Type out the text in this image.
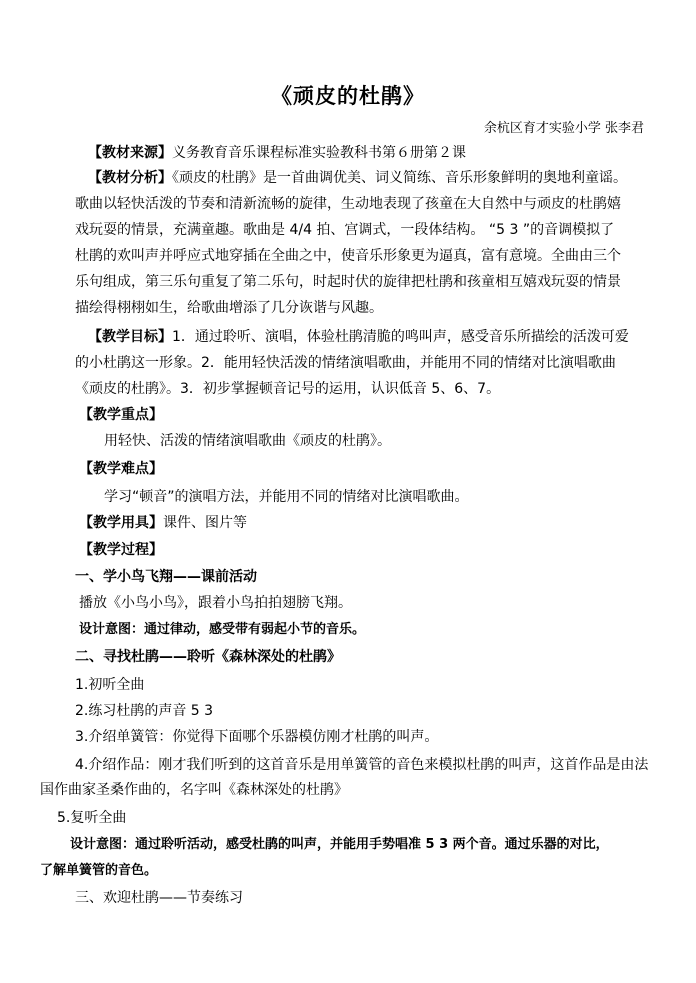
《顽皮的杜鹃》
余杭区育才实验小学 张李君
【教材来源】义务教育音乐课程标准实验教科书第６册第２课
【教材分析】《顽皮的杜鹃》是一首曲调优美、词义简练、音乐形象鲜明的奥地利童谣。
歌曲以轻快活泼的节奏和清新流畅的旋律，生动地表现了孩童在大自然中与顽皮的杜鹃嬉
戏玩耍的情景，充满童趣。歌曲是 4/4 拍、宫调式，一段体结构。 “5 3 ”的音调模拟了
杜鹃的欢叫声并呼应式地穿插在全曲之中，使音乐形象更为逼真，富有意境。全曲由三个
乐句组成，第三乐句重复了第二乐句，时起时伏的旋律把杜鹃和孩童相互嬉戏玩耍的情景
描绘得栩栩如生，给歌曲增添了几分诙谐与风趣。
【教学目标】1．通过聆听、演唱，体验杜鹃清脆的鸣叫声，感受音乐所描绘的活泼可爱
的小杜鹃这一形象。2．能用轻快活泼的情绪演唱歌曲，并能用不同的情绪对比演唱歌曲
《顽皮的杜鹃》。3．初步掌握顿音记号的运用，认识低音 5、6、7。
【教学重点】
用轻快、活泼的情绪演唱歌曲《顽皮的杜鹃》。
【教学难点】
学习“顿音”的演唱方法，并能用不同的情绪对比演唱歌曲。
【教学用具】课件、图片等
【教学过程】
一、学小鸟飞翔——课前活动
播放《小鸟小鸟》，跟着小鸟拍拍翅膀飞翔。
设计意图：通过律动，感受带有弱起小节的音乐。
二、寻找杜鹃——聆听《森林深处的杜鹃》
1.初听全曲
2.练习杜鹃的声音 5 3
3.介绍单簧管：你觉得下面哪个乐器模仿刚才杜鹃的叫声。
4.介绍作品：刚才我们听到的这首音乐是用单簧管的音色来模拟杜鹃的叫声，这首作品是由法
国作曲家圣桑作曲的，名字叫《森林深处的杜鹃》
5.复听全曲
设计意图：通过聆听活动，感受杜鹃的叫声，并能用手势唱准 5 3 两个音。通过乐器的对比，
了解单簧管的音色。
三、欢迎杜鹃——节奏练习
